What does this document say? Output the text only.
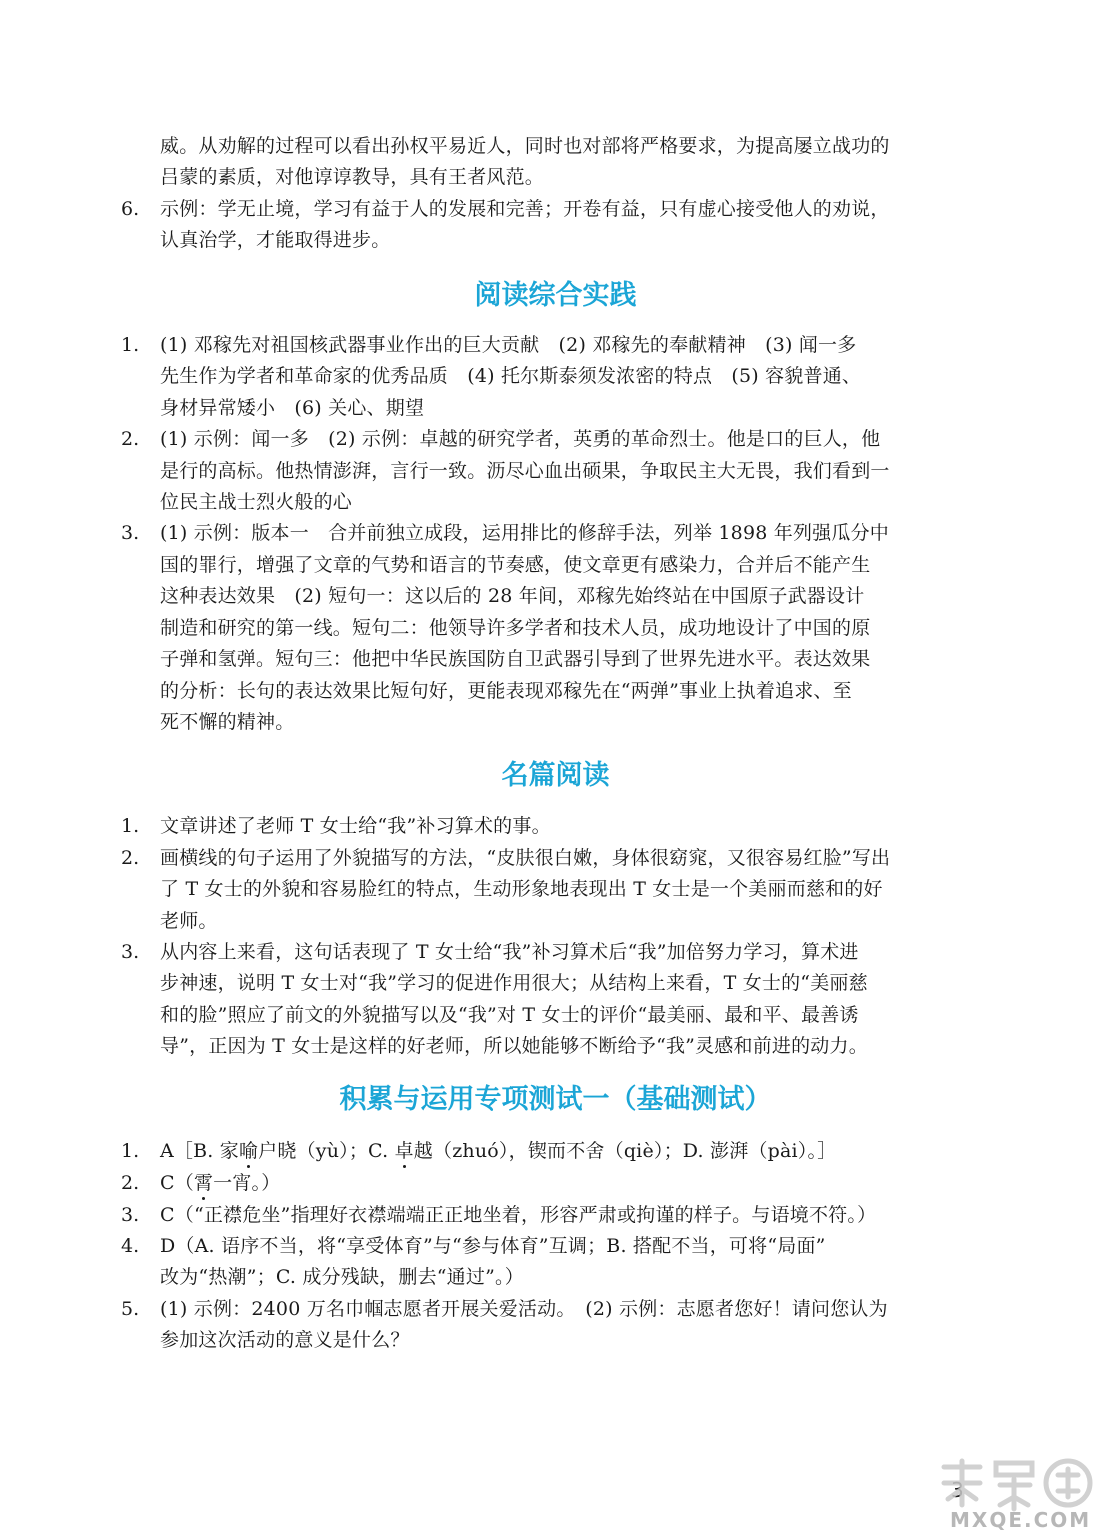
威。从劝解的过程可以看出孙权平易近人，同时也对部将严格要求，为提高屡立战功的
吕蒙的素质，对他谆谆教导，具有王者风范。
6. 示例：学无止境，学习有益于人的发展和完善；开卷有益，只有虚心接受他人的劝说，
认真治学，才能取得进步。
阅读综合实践
1. (1) 邓稼先对祖国核武器事业作出的巨大贡献　(2) 邓稼先的奉献精神　(3) 闻一多
先生作为学者和革命家的优秀品质　(4) 托尔斯泰须发浓密的特点　(5) 容貌普通、
身材异常矮小　(6) 关心、期望
2. (1) 示例：闻一多　(2) 示例：卓越的研究学者，英勇的革命烈士。他是口的巨人，他
是行的高标。他热情澎湃，言行一致。沥尽心血出硕果，争取民主大无畏，我们看到一
位民主战士烈火般的心
3. (1) 示例：版本一　合并前独立成段，运用排比的修辞手法，列举 1898 年列强瓜分中
国的罪行，增强了文章的气势和语言的节奏感，使文章更有感染力，合并后不能产生
这种表达效果　(2) 短句一：这以后的 28 年间，邓稼先始终站在中国原子武器设计
制造和研究的第一线。短句二：他领导许多学者和技术人员，成功地设计了中国的原
子弹和氢弹。短句三：他把中华民族国防自卫武器引导到了世界先进水平。表达效果
的分析：长句的表达效果比短句好，更能表现邓稼先在“两弹”事业上执着追求、至
死不懈的精神。
名篇阅读
1. 文章讲述了老师 T 女士给“我”补习算术的事。
2. 画横线的句子运用了外貌描写的方法，“皮肤很白嫩，身体很窈窕，又很容易红脸”写出
了 T 女士的外貌和容易脸红的特点，生动形象地表现出 T 女士是一个美丽而慈和的好
老师。
3. 从内容上来看，这句话表现了 T 女士给“我”补习算术后“我”加倍努力学习，算术进
步神速，说明 T 女士对“我”学习的促进作用很大；从结构上来看，T 女士的“美丽慈
和的脸”照应了前文的外貌描写以及“我”对 T 女士的评价“最美丽、最和平、最善诱
导”，正因为 T 女士是这样的好老师，所以她能够不断给予“我”灵感和前进的动力。
积累与运用专项测试一（基础测试）
1. A［B. 家喻户晓（yù）；C. 卓越（zhuó），锲而不舍（qiè）；D. 澎湃（pài）。］
2. C（霄一宵。）
3. C（“正襟危坐”指理好衣襟端端正正地坐着，形容严肃或拘谨的样子。与语境不符。）
4. D（A. 语序不当，将“享受体育”与“参与体育”互调；B. 搭配不当，可将“局面”
改为“热潮”；C. 成分残缺，删去“通过”。）
5. (1) 示例：2400 万名巾帼志愿者开展关爱活动。　(2) 示例：志愿者您好！请问您认为
参加这次活动的意义是什么？
3
MXQE.COM
